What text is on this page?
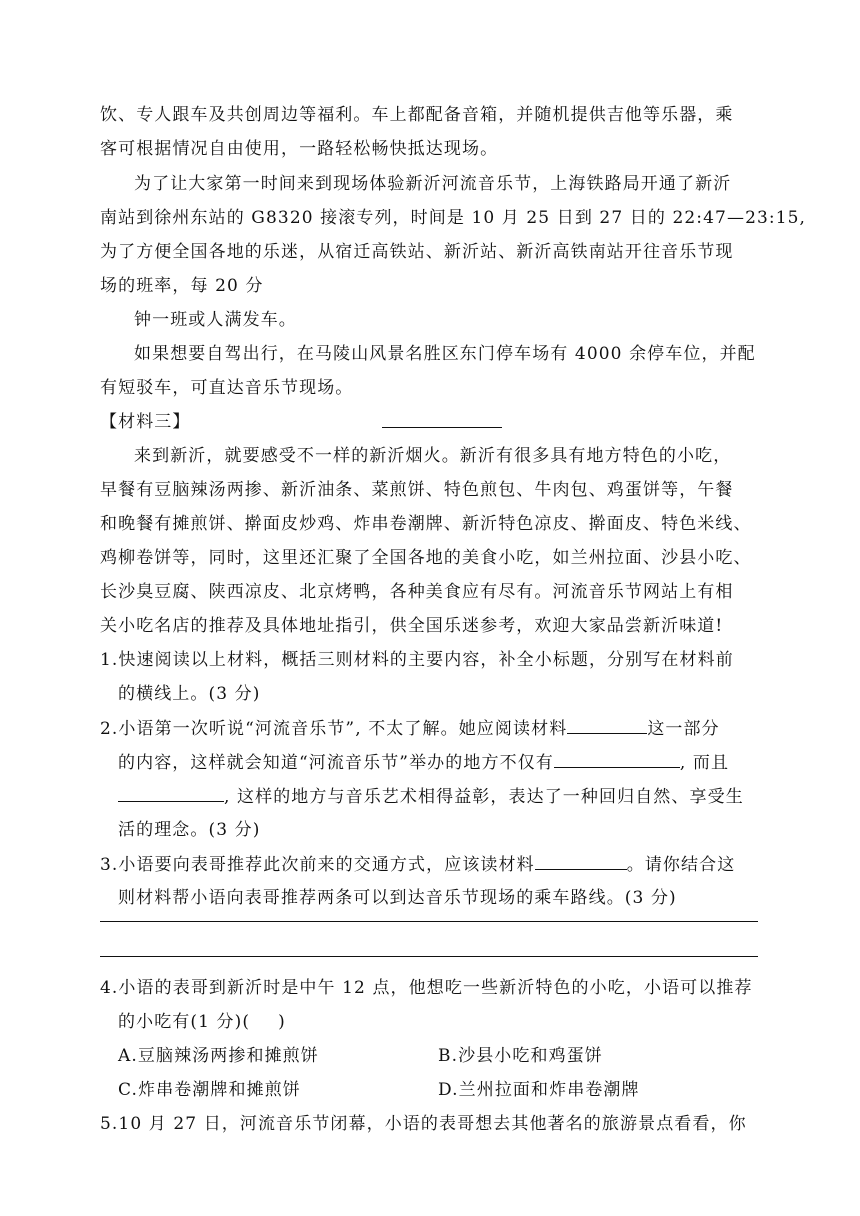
饮、专人跟车及共创周边等福利。车上都配备音箱，并随机提供吉他等乐器，乘

客可根据情况自由使用，一路轻松畅快抵达现场。

为了让大家第一时间来到现场体验新沂河流音乐节，上海铁路局开通了新沂

南站到徐州东站的 G8320 接滚专列，时间是 10 月 25 日到 27 日的 22:47—23:15,

为了方便全国各地的乐迷，从宿迁高铁站、新沂站、新沂高铁南站开往音乐节现

场的班率，每 20 分

钟一班或人满发车。

如果想要自驾出行，在马陵山风景名胜区东门停车场有 4000 余停车位，并配

有短驳车，可直达音乐节现场。

【材料三】

来到新沂，就要感受不一样的新沂烟火。新沂有很多具有地方特色的小吃，

早餐有豆脑辣汤两掺、新沂油条、菜煎饼、特色煎包、牛肉包、鸡蛋饼等，午餐

和晚餐有摊煎饼、擀面皮炒鸡、炸串卷潮牌、新沂特色凉皮、擀面皮、特色米线、

鸡柳卷饼等，同时，这里还汇聚了全国各地的美食小吃，如兰州拉面、沙县小吃、

长沙臭豆腐、陕西凉皮、北京烤鸭，各种美食应有尽有。河流音乐节网站上有相

关小吃名店的推荐及具体地址指引，供全国乐迷参考，欢迎大家品尝新沂味道!

1.快速阅读以上材料，概括三则材料的主要内容，补全小标题，分别写在材料前

的横线上。(3 分)

2.小语第一次听说“河流音乐节”, 不太了解。她应阅读材料	这一部分

的内容，这样就会知道“河流音乐节”举办的地方不仅有	, 而且

, 这样的地方与音乐艺术相得益彰，表达了一种回归自然、享受生

活的理念。(3 分)

3.小语要向表哥推荐此次前来的交通方式，应该读材料	。请你结合这

则材料帮小语向表哥推荐两条可以到达音乐节现场的乘车路线。(3 分)

4.小语的表哥到新沂时是中午 12 点，他想吃一些新沂特色的小吃，小语可以推荐

的小吃有(1 分)( )

A.豆脑辣汤两掺和摊煎饼	B.沙县小吃和鸡蛋饼

C.炸串卷潮牌和摊煎饼	D.兰州拉面和炸串卷潮牌

5.10 月 27 日，河流音乐节闭幕，小语的表哥想去其他著名的旅游景点看看，你
